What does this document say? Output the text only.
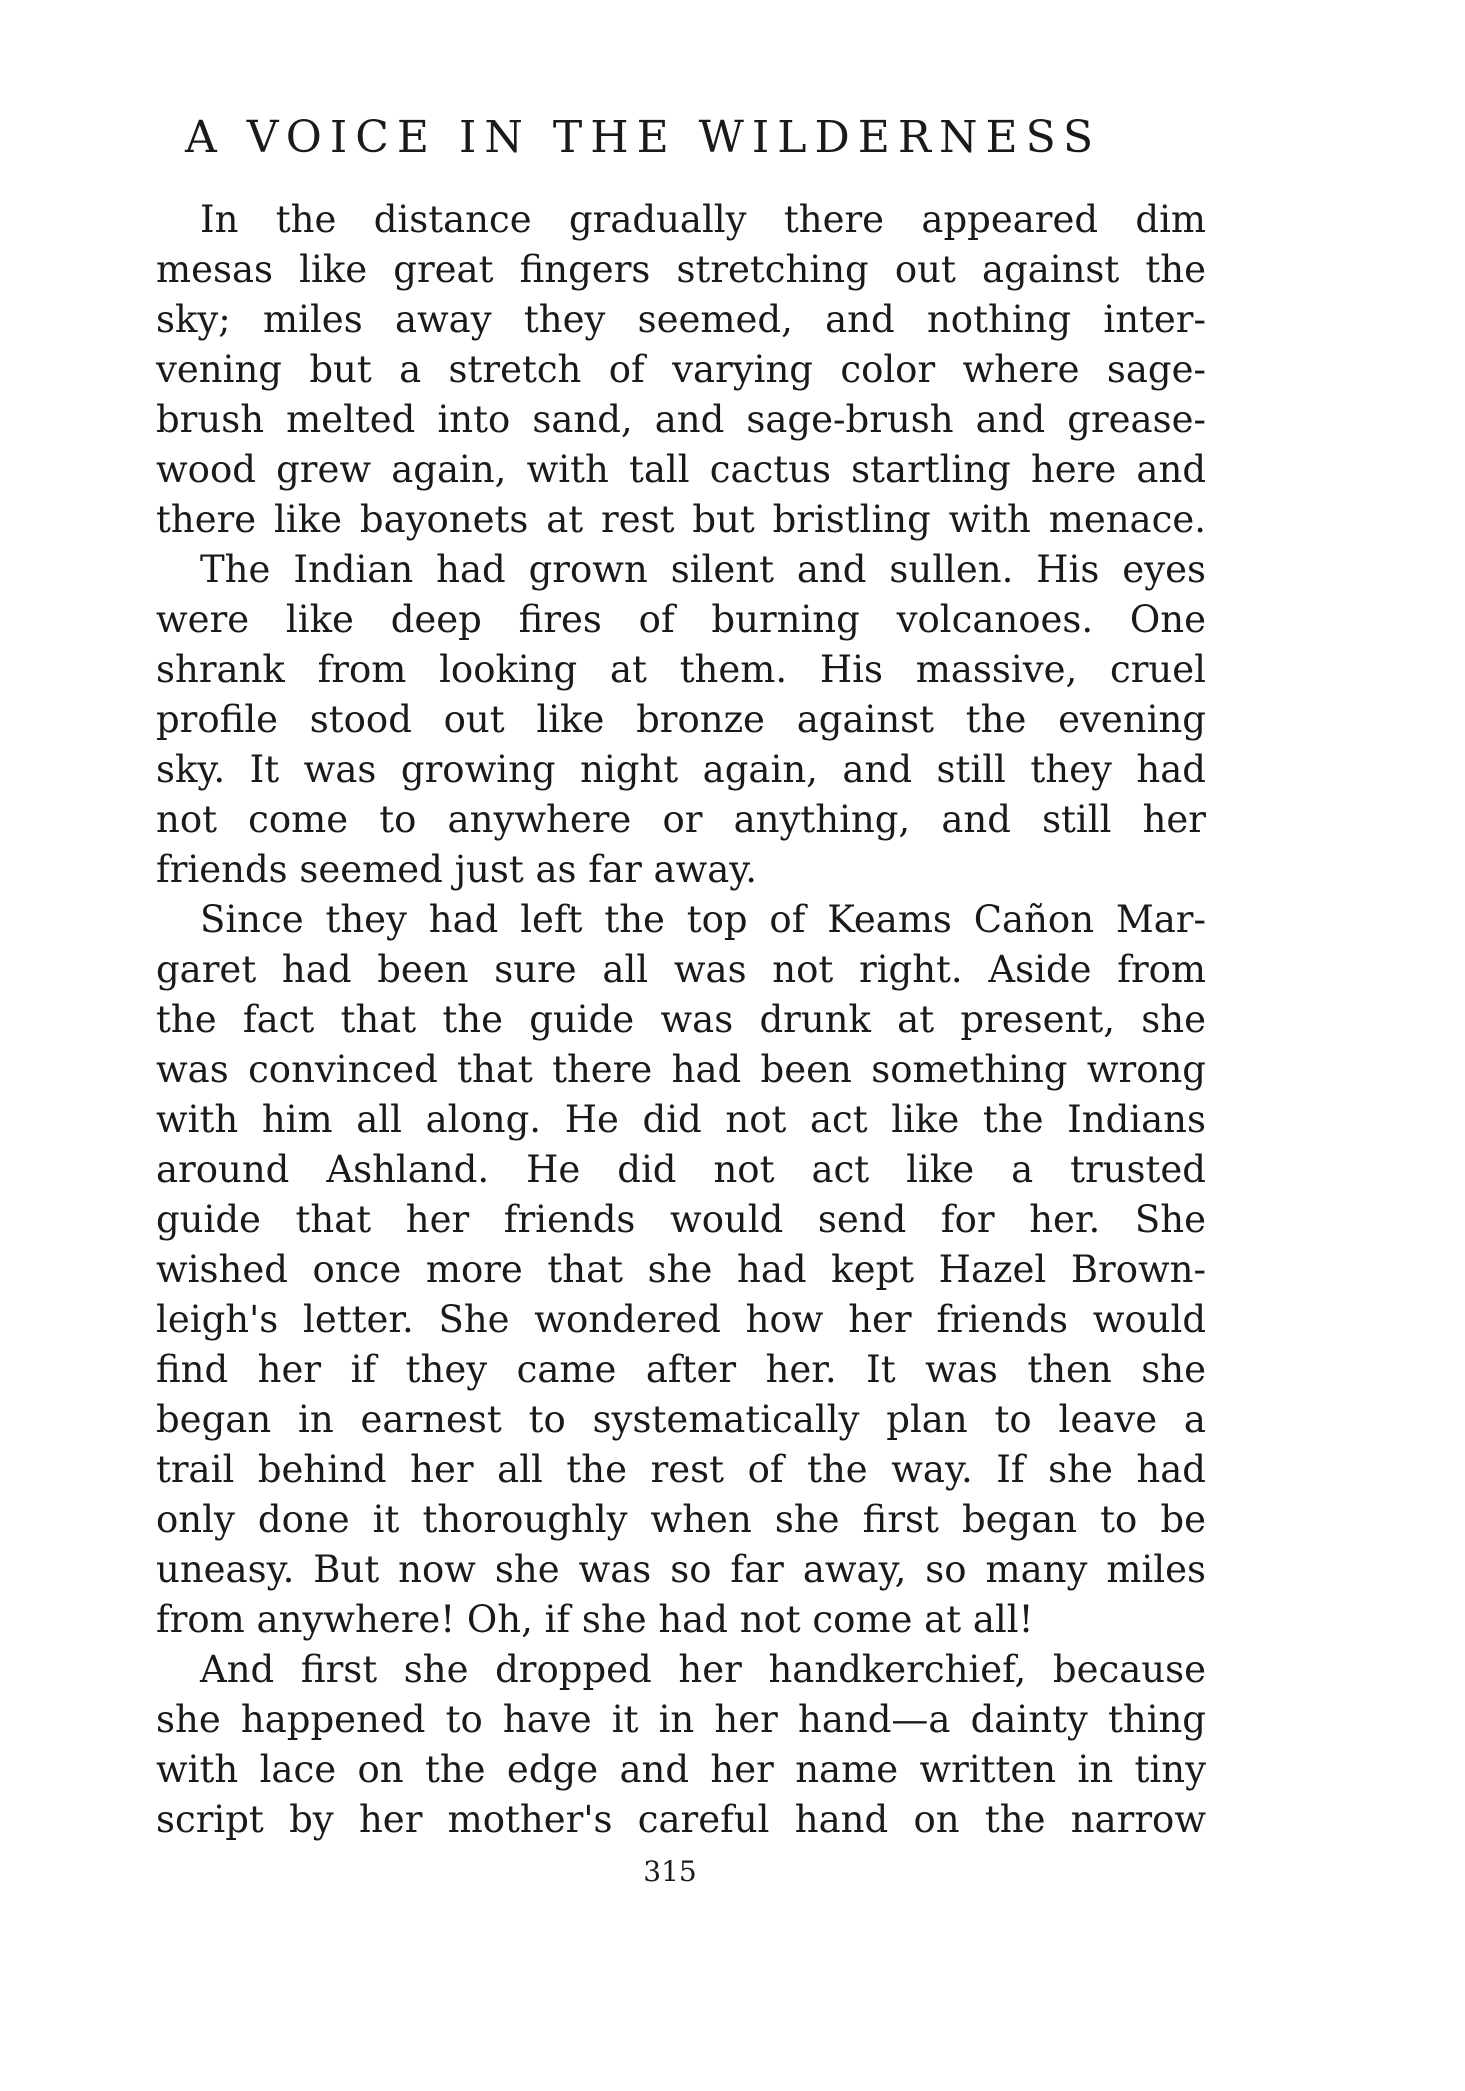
A VOICE IN THE WILDERNESS
In the distance gradually there appeared dim
mesas like great fingers stretching out against the
sky; miles away they seemed, and nothing inter-
vening but a stretch of varying color where sage-
brush melted into sand, and sage-brush and grease-
wood grew again, with tall cactus startling here and
there like bayonets at rest but bristling with menace.
The Indian had grown silent and sullen. His eyes
were like deep fires of burning volcanoes. One
shrank from looking at them. His massive, cruel
profile stood out like bronze against the evening
sky. It was growing night again, and still they had
not come to anywhere or anything, and still her
friends seemed just as far away.
Since they had left the top of Keams Cañon Mar-
garet had been sure all was not right. Aside from
the fact that the guide was drunk at present, she
was convinced that there had been something wrong
with him all along. He did not act like the Indians
around Ashland. He did not act like a trusted
guide that her friends would send for her. She
wished once more that she had kept Hazel Brown-
leigh's letter. She wondered how her friends would
find her if they came after her. It was then she
began in earnest to systematically plan to leave a
trail behind her all the rest of the way. If she had
only done it thoroughly when she first began to be
uneasy. But now she was so far away, so many miles
from anywhere! Oh, if she had not come at all!
And first she dropped her handkerchief, because
she happened to have it in her hand—a dainty thing
with lace on the edge and her name written in tiny
script by her mother's careful hand on the narrow
315
